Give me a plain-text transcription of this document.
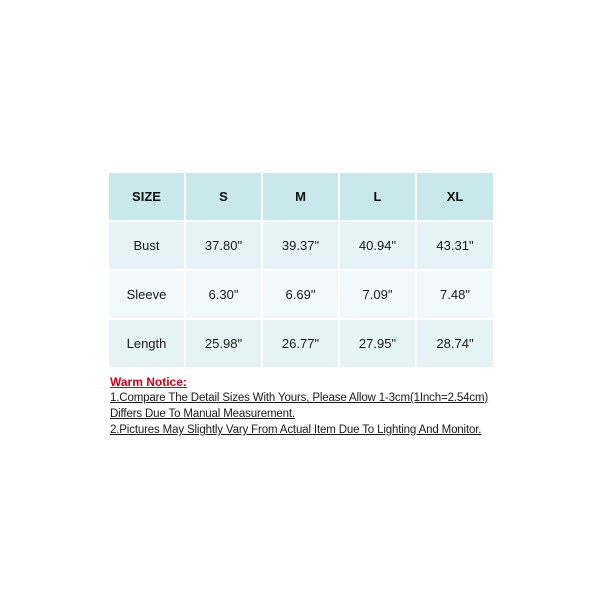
SIZE	S	M	L	XL
Bust	37.80"	39.37"	40.94"	43.31"
Sleeve	6.30"	6.69"	7.09"	7.48"
Length	25.98"	26.77"	27.95"	28.74"
Warm Notice:
1.Compare The Detail Sizes With Yours, Please Allow 1-3cm(1Inch=2.54cm)
Differs Due To Manual Measurement.
2.Pictures May Slightly Vary From Actual Item Due To Lighting And Monitor.
